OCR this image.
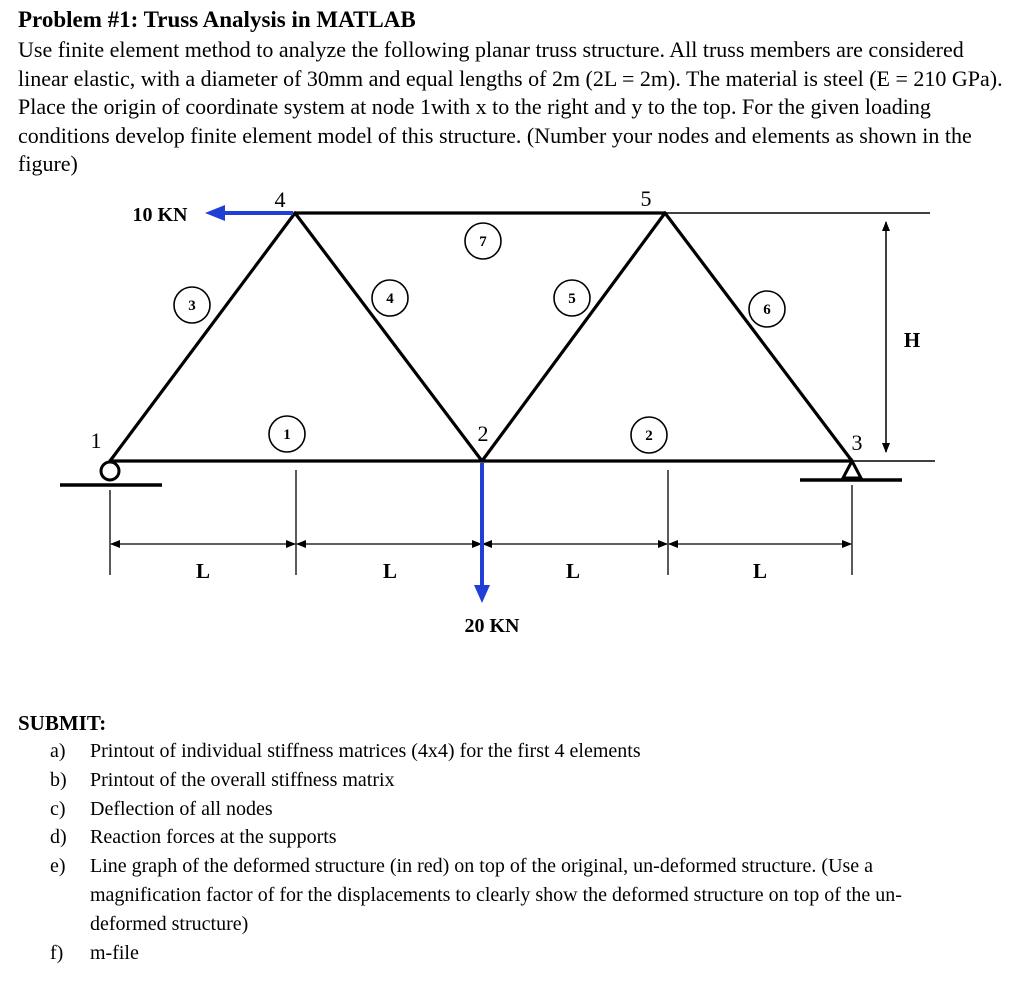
Problem #1: Truss Analysis in MATLAB

Use finite element method to analyze the following planar truss structure. All truss members are considered linear elastic, with a diameter of 30mm and equal lengths of 2m (2L = 2m). The material is steel (E = 210 GPa). Place the origin of coordinate system at node 1with x to the right and y to the top. For the given loading conditions develop finite element model of this structure. (Number your nodes and elements as shown in the figure)

H
L	L	L	L
10 KN
20 KN
1	2	3
4	5
1	2
3	4	5
6
7
SUBMIT:
a)	Printout of individual stiffness matrices (4x4) for the first 4 elements
b)	Printout of the overall stiffness matrix
c)	Deflection of all nodes
d)	Reaction forces at the supports
e)	Line graph of the deformed structure (in red) on top of the original, un-deformed structure. (Use a magnification factor of for the displacements to clearly show the deformed structure on top of the un-deformed structure)
f)	m-file
